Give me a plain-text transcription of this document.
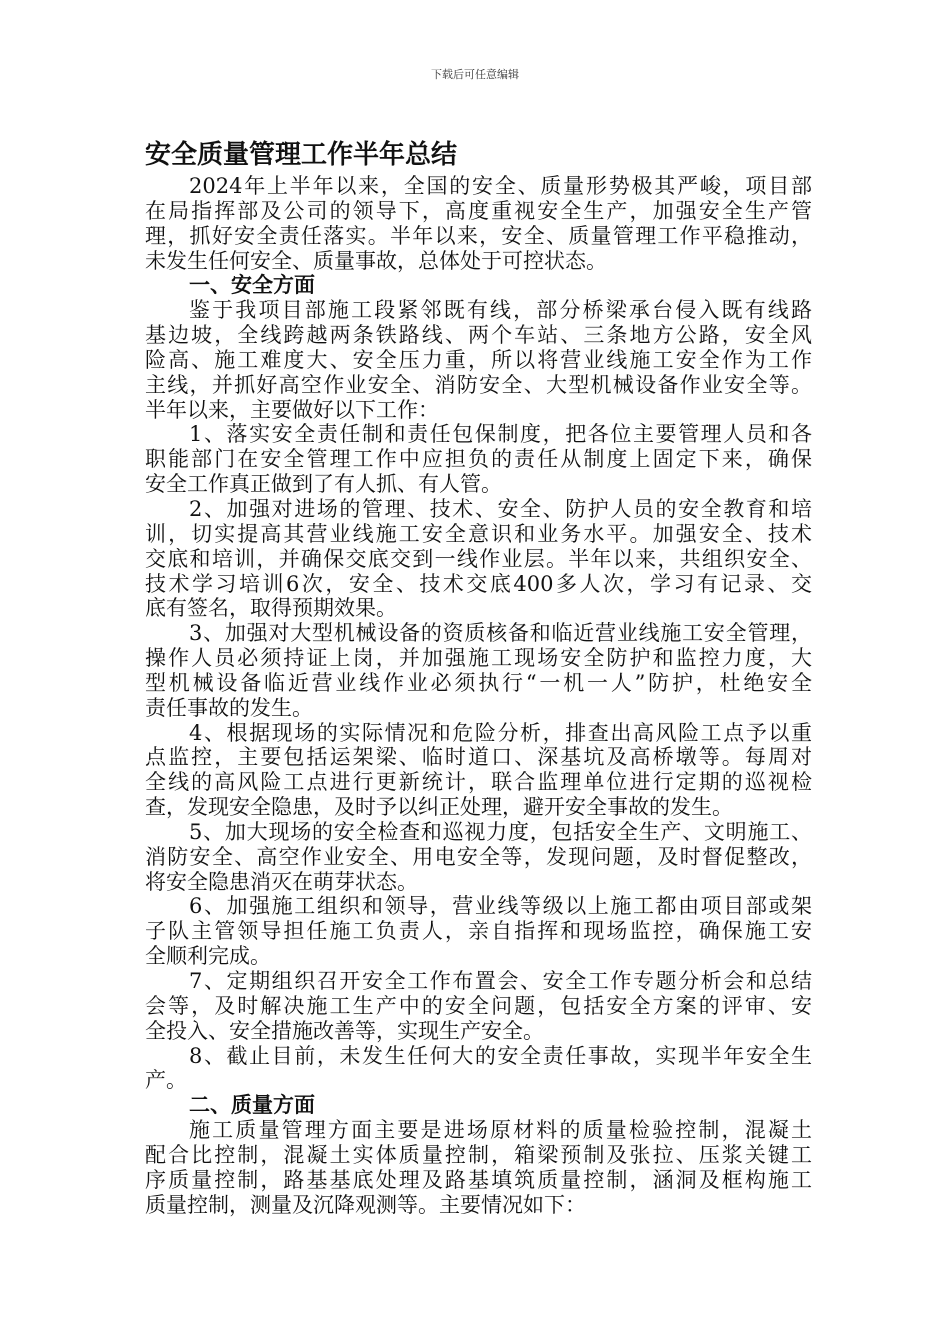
下载后可任意编辑
安全质量管理工作半年总结
2024年上半年以来，全国的安全、质量形势极其严峻，项目部
在局指挥部及公司的领导下，高度重视安全生产，加强安全生产管
理，抓好安全责任落实。半年以来，安全、质量管理工作平稳推动，
未发生任何安全、质量事故，总体处于可控状态。
一、安全方面
鉴于我项目部施工段紧邻既有线，部分桥梁承台侵入既有线路
基边坡，全线跨越两条铁路线、两个车站、三条地方公路，安全风
险高、施工难度大、安全压力重，所以将营业线施工安全作为工作
主线，并抓好高空作业安全、消防安全、大型机械设备作业安全等。
半年以来，主要做好以下工作：
1、落实安全责任制和责任包保制度，把各位主要管理人员和各
职能部门在安全管理工作中应担负的责任从制度上固定下来，确保
安全工作真正做到了有人抓、有人管。
2、加强对进场的管理、技术、安全、防护人员的安全教育和培
训，切实提高其营业线施工安全意识和业务水平。加强安全、技术
交底和培训，并确保交底交到一线作业层。半年以来，共组织安全、
技术学习培训6次，安全、技术交底400多人次，学习有记录、交
底有签名，取得预期效果。
3、加强对大型机械设备的资质核备和临近营业线施工安全管理，
操作人员必须持证上岗，并加强施工现场安全防护和监控力度，大
型机械设备临近营业线作业必须执行“一机一人”防护，杜绝安全
责任事故的发生。
4、根据现场的实际情况和危险分析，排查出高风险工点予以重
点监控，主要包括运架梁、临时道口、深基坑及高桥墩等。每周对
全线的高风险工点进行更新统计，联合监理单位进行定期的巡视检
查，发现安全隐患，及时予以纠正处理，避开安全事故的发生。
5、加大现场的安全检查和巡视力度，包括安全生产、文明施工、
消防安全、高空作业安全、用电安全等，发现问题，及时督促整改，
将安全隐患消灭在萌芽状态。
6、加强施工组织和领导，营业线等级以上施工都由项目部或架
子队主管领导担任施工负责人，亲自指挥和现场监控，确保施工安
全顺利完成。
7、定期组织召开安全工作布置会、安全工作专题分析会和总结
会等，及时解决施工生产中的安全问题，包括安全方案的评审、安
全投入、安全措施改善等，实现生产安全。
8、截止目前，未发生任何大的安全责任事故，实现半年安全生
产。
二、质量方面
施工质量管理方面主要是进场原材料的质量检验控制，混凝土
配合比控制，混凝土实体质量控制，箱梁预制及张拉、压浆关键工
序质量控制，路基基底处理及路基填筑质量控制，涵洞及框构施工
质量控制，测量及沉降观测等。主要情况如下：
